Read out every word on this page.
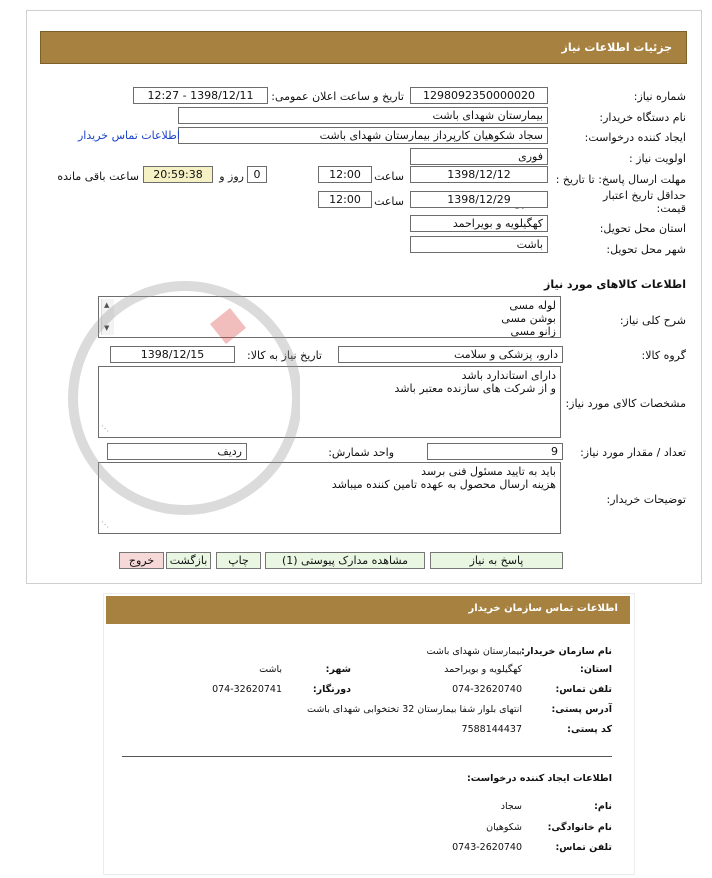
جزئیات اطلاعات نیاز
شماره نیاز:
1298092350000020
تاریخ و ساعت اعلان عمومی:
1398/12/11 - 12:27
نام دستگاه خریدار:
بیمارستان شهدای باشت
ایجاد کننده درخواست:
سجاد شکوهیان کارپرداز بیمارستان شهدای باشت
اطلاعات تماس خریدار
اولویت نیاز :
فوری
مهلت ارسال پاسخ: تا تاریخ :
1398/12/12
ساعت
12:00
0
روز و
20:59:38
ساعت باقی مانده
حداقل تاریخ اعتبار
قیمت:
1398/12/29
ساعت
12:00
استان محل تحویل:
کهگیلویه و بویراحمد
شهر محل تحویل:
باشت
اطلاعات کالاهای مورد نیاز
شرح کلی نیاز:
لوله مسی
بوشن مسی
زانو مسی
▲ ▼
گروه کالا:
دارو، پزشکی و سلامت
تاریخ نیاز به کالا:
1398/12/15
مشخصات کالای مورد نیاز:
دارای استاندارد باشد
و از شرکت های سازنده معتبر باشد
⋰
تعداد / مقدار مورد نیاز:
9
واحد شمارش:
ردیف
توضیحات خریدار:
باید به تایید مسئول فنی برسد
هزینه ارسال محصول به عهده تامین کننده میباشد
⋰
پاسخ به نیاز
مشاهده مدارک پیوستی (1)
چاپ
بازگشت
خروج
اطلاعات تماس سازمان خریدار
نام سازمان خریدار:
بیمارستان شهدای باشت
استان:
کهگیلویه و بویراحمد
شهر:
باشت
تلفن تماس:
074-32620740
دورنگار:
074-32620741
آدرس پستی:
انتهای بلوار شفا بیمارستان 32 تختخوابی شهدای باشت
کد پستی:
7588144437
اطلاعات ایجاد کننده درخواست:
نام:
سجاد
نام خانوادگی:
شکوهیان
تلفن تماس:
0743-2620740
